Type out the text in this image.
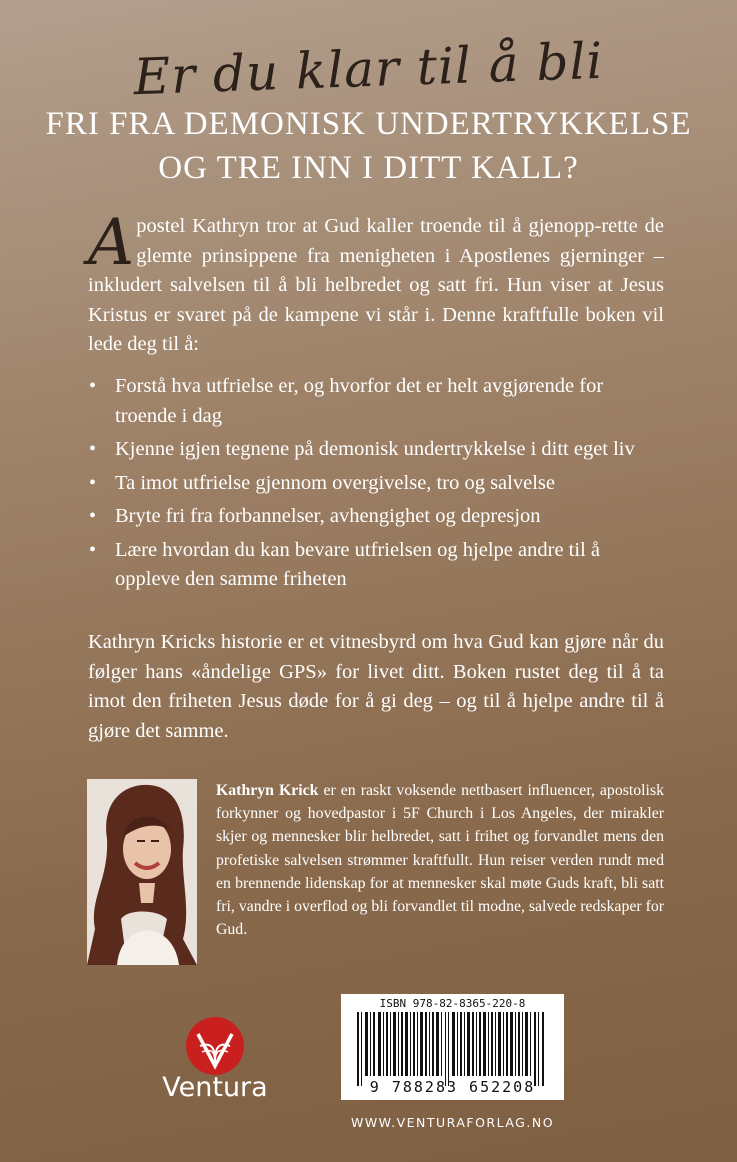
Er du klar til å bli
FRI FRA DEMONISK UNDERTRYKKELSE
OG TRE INN I DITT KALL?
Apostel Kathryn tror at Gud kaller troende til å gjenopp-rette de glemte prinsippene fra menigheten i Apostlenes gjerninger – inkludert salvelsen til å bli helbredet og satt fri. Hun viser at Jesus Kristus er svaret på de kampene vi står i. Denne kraftfulle boken vil lede deg til å:
• Forstå hva utfrielse er, og hvorfor det er helt avgjørende for troende i dag
• Kjenne igjen tegnene på demonisk undertrykkelse i ditt eget liv
• Ta imot utfrielse gjennom overgivelse, tro og salvelse
• Bryte fri fra forbannelser, avhengighet og depresjon
• Lære hvordan du kan bevare utfrielsen og hjelpe andre til å oppleve den samme friheten
Kathryn Kricks historie er et vitnesbyrd om hva Gud kan gjøre når du følger hans «åndelige GPS» for livet ditt. Boken rustet deg til å ta imot den friheten Jesus døde for å gi deg – og til å hjelpe andre til å gjøre det samme.
Kathryn Krick er en raskt voksende nettbasert influencer, apostolisk forkynner og hovedpastor i 5F Church i Los Angeles, der mirakler skjer og mennesker blir helbredet, satt i frihet og forvandlet mens den profetiske salvelsen strømmer kraftfullt. Hun reiser verden rundt med en brennende lidenskap for at mennesker skal møte Guds kraft, bli satt fri, vandre i overflod og bli forvandlet til modne, salvede redskaper for Gud.
Ventura
ISBN 978-82-8365-220-8
9 788283 652208
WWW.VENTURAFORLAG.NO
